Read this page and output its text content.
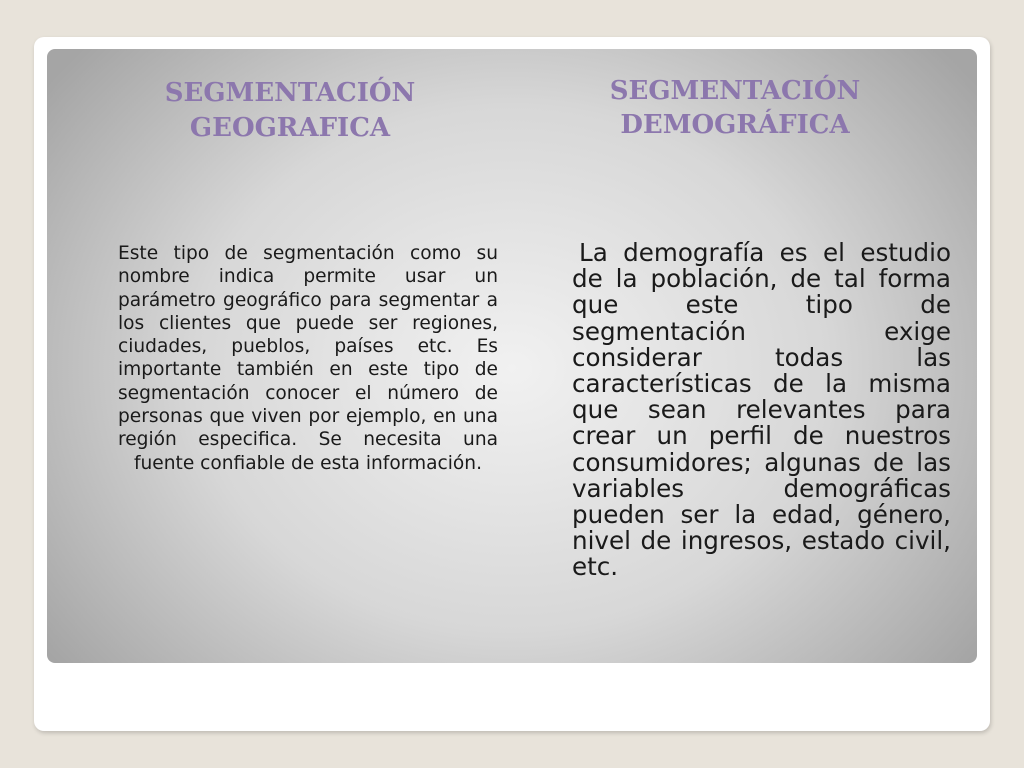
SEGMENTACIÓN GEOGRAFICA
SEGMENTACIÓN DEMOGRÁFICA

Este tipo de segmentación como su nombre indica permite usar un parámetro geográfico para segmentar a los clientes que puede ser regiones, ciudades, pueblos, países etc. Es importante también en este tipo de segmentación conocer el número de personas que viven por ejemplo, en una región especifica. Se necesita una fuente confiable de esta información.

La demografía es el estudio de la población, de tal forma que este tipo de segmentación exige considerar todas las características de la misma que sean relevantes para crear un perfil de nuestros consumidores; algunas de las variables demográficas pueden ser la edad, género, nivel de ingresos, estado civil, etc.
